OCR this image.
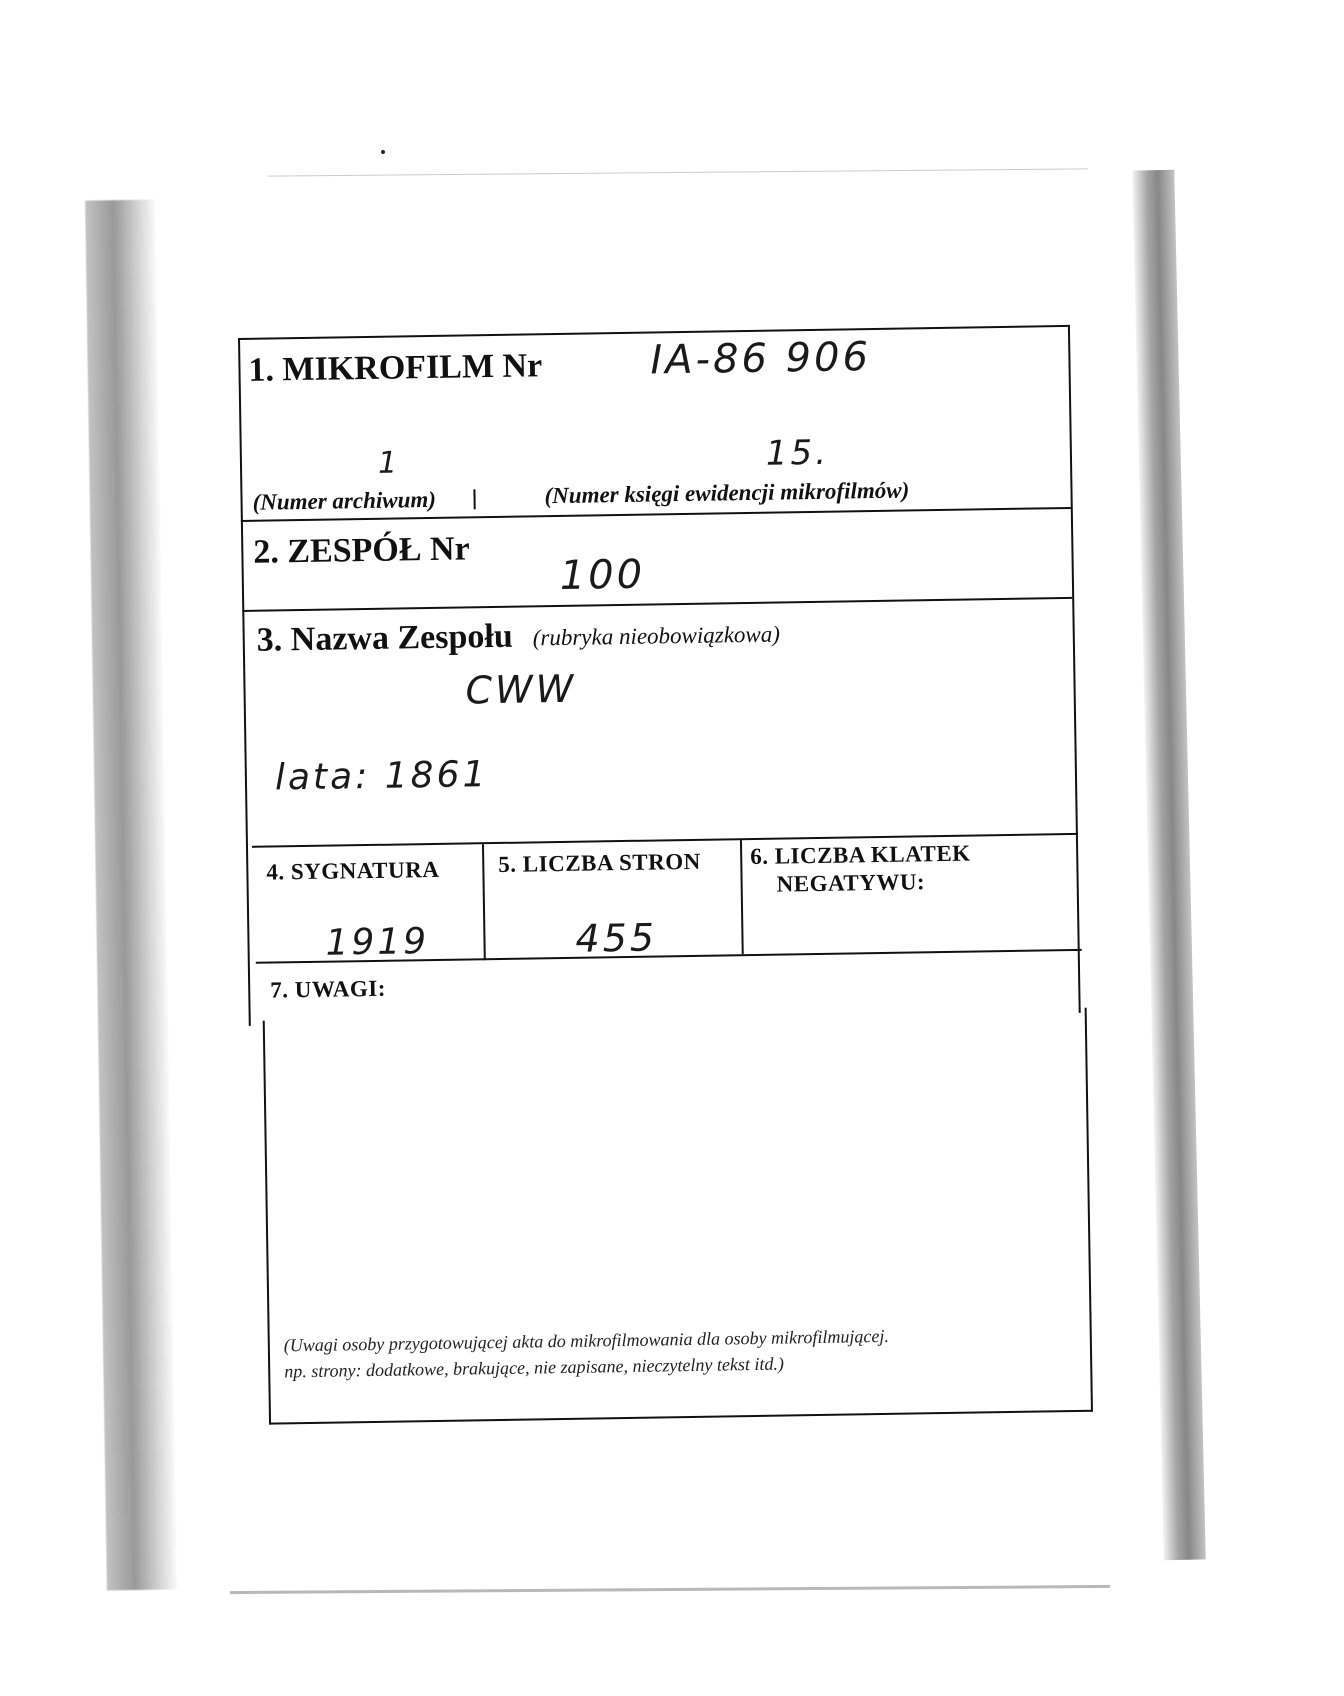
1. MIKROFILM Nr	IA-86 906
1	15.
(Numer archiwum)	(Numer księgi ewidencji mikrofilmów)
2. ZESPÓŁ Nr
100
3. Nazwa Zespołu (rubryka nieobowiązkowa)
CWW
lata: 1861
4. SYGNATURA
1919
5. LICZBA STRON
455
6. LICZBA KLATEK
NEGATYWU:
7. UWAGI:
(Uwagi osoby przygotowującej akta do mikrofilmowania dla osoby mikrofilmującej.
np. strony: dodatkowe, brakujące, nie zapisane, nieczytelny tekst itd.)
